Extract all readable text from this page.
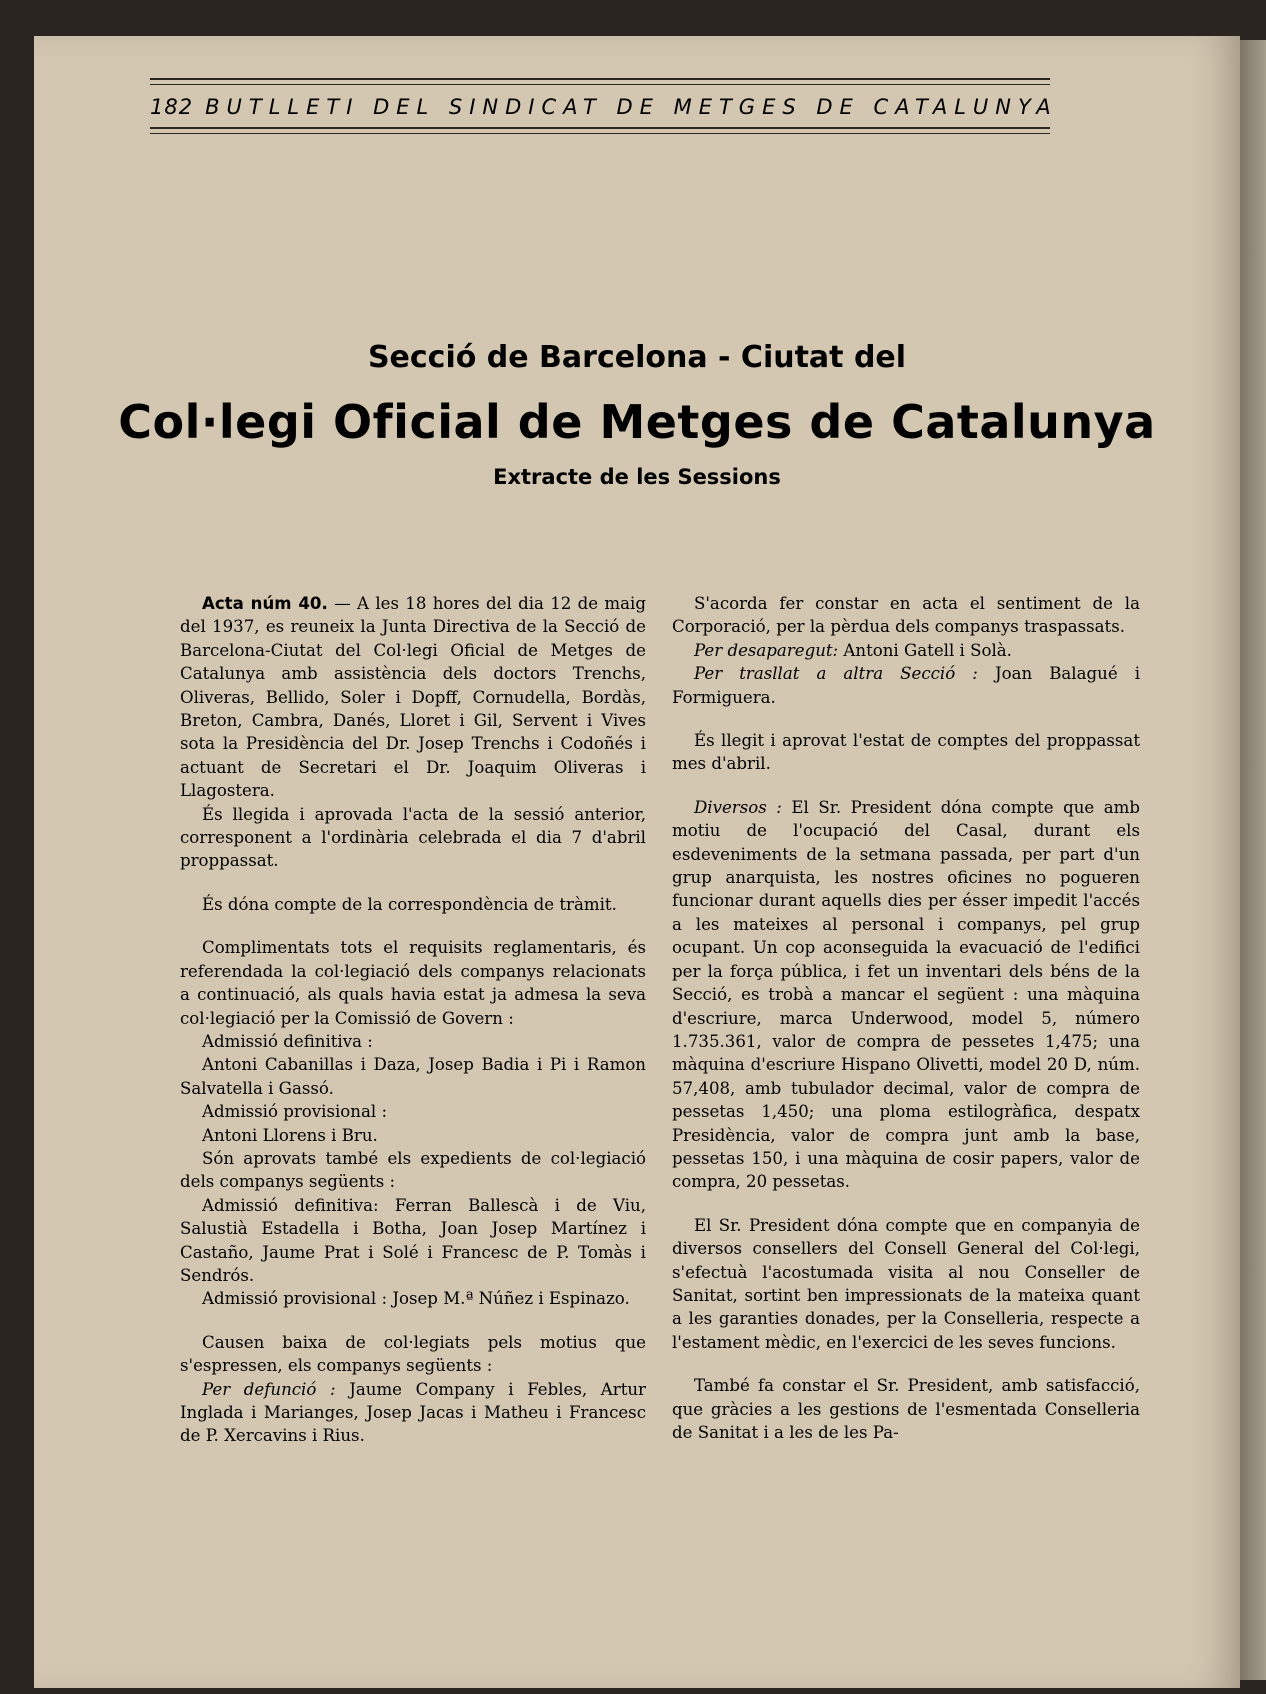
182 BUTLLETI DEL SINDICAT DE METGES DE CATALUNYA
Secció de Barcelona - Ciutat del
Col·legi Oficial de Metges de Catalunya
Extracte de les Sessions

Acta núm 40. — A les 18 hores del dia 12 de maig del 1937, es reuneix la Junta Directiva de la Secció de Barcelona-Ciutat del Col·legi Oficial de Metges de Catalunya amb assistència dels doctors Trenchs, Oliveras, Bellido, Soler i Dopff, Cornudella, Bordàs, Breton, Cambra, Danés, Lloret i Gil, Servent i Vives sota la Presidència del Dr. Josep Trenchs i Codoñés i actuant de Secretari el Dr. Joaquim Oliveras i Llagostera.

És llegida i aprovada l'acta de la sessió anterior, corresponent a l'ordinària celebrada el dia 7 d'abril proppassat.

És dóna compte de la correspondència de tràmit.

Complimentats tots el requisits reglamentaris, és referendada la col·legiació dels companys relacionats a continuació, als quals havia estat ja admesa la seva col·legiació per la Comissió de Govern :

Admissió definitiva :

Antoni Cabanillas i Daza, Josep Badia i Pi i Ramon Salvatella i Gassó.

Admissió provisional :

Antoni Llorens i Bru.

Són aprovats també els expedients de col·legiació dels companys següents :

Admissió definitiva: Ferran Ballescà i de Viu, Salustià Estadella i Botha, Joan Josep Martínez i Castaño, Jaume Prat i Solé i Francesc de P. Tomàs i Sendrós.

Admissió provisional : Josep M.ª Núñez i Espinazo.

Causen baixa de col·legiats pels motius que s'espressen, els companys següents :

Per defunció : Jaume Company i Febles, Artur Inglada i Marianges, Josep Jacas i Matheu i Francesc de P. Xercavins i Rius.

S'acorda fer constar en acta el sentiment de la Corporació, per la pèrdua dels companys traspassats.

Per desaparegut: Antoni Gatell i Solà.

Per trasllat a altra Secció : Joan Balagué i Formiguera.

És llegit i aprovat l'estat de comptes del proppassat mes d'abril.

Diversos : El Sr. President dóna compte que amb motiu de l'ocupació del Casal, durant els esdeveniments de la setmana passada, per part d'un grup anarquista, les nostres oficines no pogueren funcionar durant aquells dies per ésser impedit l'accés a les mateixes al personal i companys, pel grup ocupant. Un cop aconseguida la evacuació de l'edifici per la força pública, i fet un inventari dels béns de la Secció, es trobà a mancar el següent : una màquina d'escriure, marca Underwood, model 5, número 1.735.361, valor de compra de pessetes 1,475; una màquina d'escriure Hispano Olivetti, model 20 D, núm. 57,408, amb tubulador decimal, valor de compra de pessetas 1,450; una ploma estilogràfica, despatx Presidència, valor de compra junt amb la base, pessetas 150, i una màquina de cosir papers, valor de compra, 20 pessetas.

El Sr. President dóna compte que en companyia de diversos consellers del Consell General del Col·legi, s'efectuà l'acostumada visita al nou Conseller de Sanitat, sortint ben impressionats de la mateixa quant a les garanties donades, per la Conselleria, respecte a l'estament mèdic, en l'exercici de les seves funcions.

També fa constar el Sr. President, amb satisfacció, que gràcies a les gestions de l'esmentada Conselleria de Sanitat i a les de les Pa-
